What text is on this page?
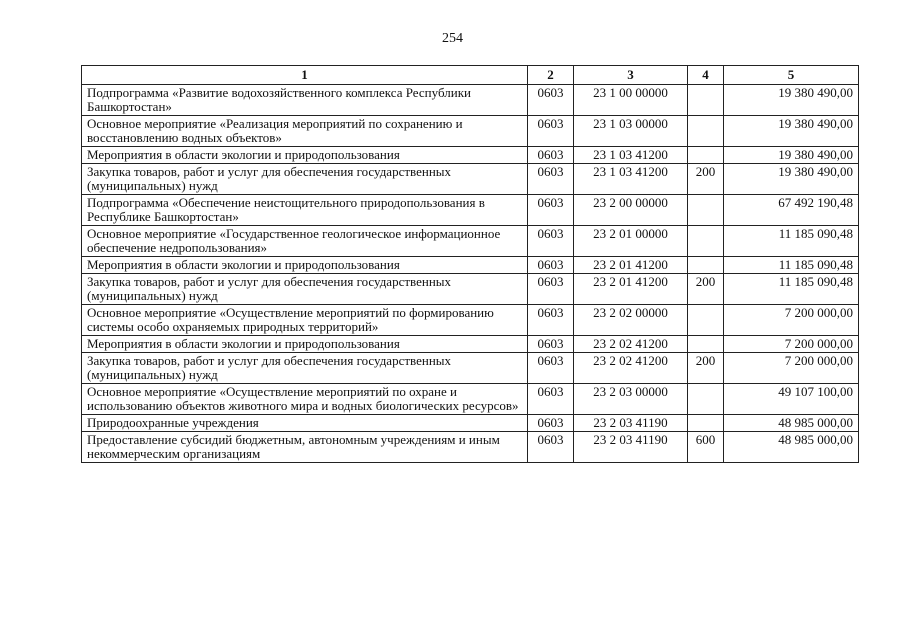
254
1	2	3	4	5
Подпрограмма «Развитие водохозяйственного комплекса Республики Башкортостан»	0603	23 1 00 00000		19 380 490,00
Основное мероприятие «Реализация мероприятий по сохранению и восстановлению водных объектов»	0603	23 1 03 00000		19 380 490,00
Мероприятия в области экологии и природопользования	0603	23 1 03 41200		19 380 490,00
Закупка товаров, работ и услуг для обеспечения государственных (муниципальных) нужд	0603	23 1 03 41200	200	19 380 490,00
Подпрограмма «Обеспечение неистощительного природопользования в Республике Башкортостан»	0603	23 2 00 00000		67 492 190,48
Основное мероприятие «Государственное геологическое информационное обеспечение недропользования»	0603	23 2 01 00000		11 185 090,48
Мероприятия в области экологии и природопользования	0603	23 2 01 41200		11 185 090,48
Закупка товаров, работ и услуг для обеспечения государственных (муниципальных) нужд	0603	23 2 01 41200	200	11 185 090,48
Основное мероприятие «Осуществление мероприятий по формированию системы особо охраняемых природных территорий»	0603	23 2 02 00000		7 200 000,00
Мероприятия в области экологии и природопользования	0603	23 2 02 41200		7 200 000,00
Закупка товаров, работ и услуг для обеспечения государственных (муниципальных) нужд	0603	23 2 02 41200	200	7 200 000,00
Основное мероприятие «Осуществление мероприятий по охране и использованию объектов животного мира и водных биологических ресурсов»	0603	23 2 03 00000		49 107 100,00
Природоохранные учреждения	0603	23 2 03 41190		48 985 000,00
Предоставление субсидий бюджетным, автономным учреждениям и иным некоммерческим организациям	0603	23 2 03 41190	600	48 985 000,00
